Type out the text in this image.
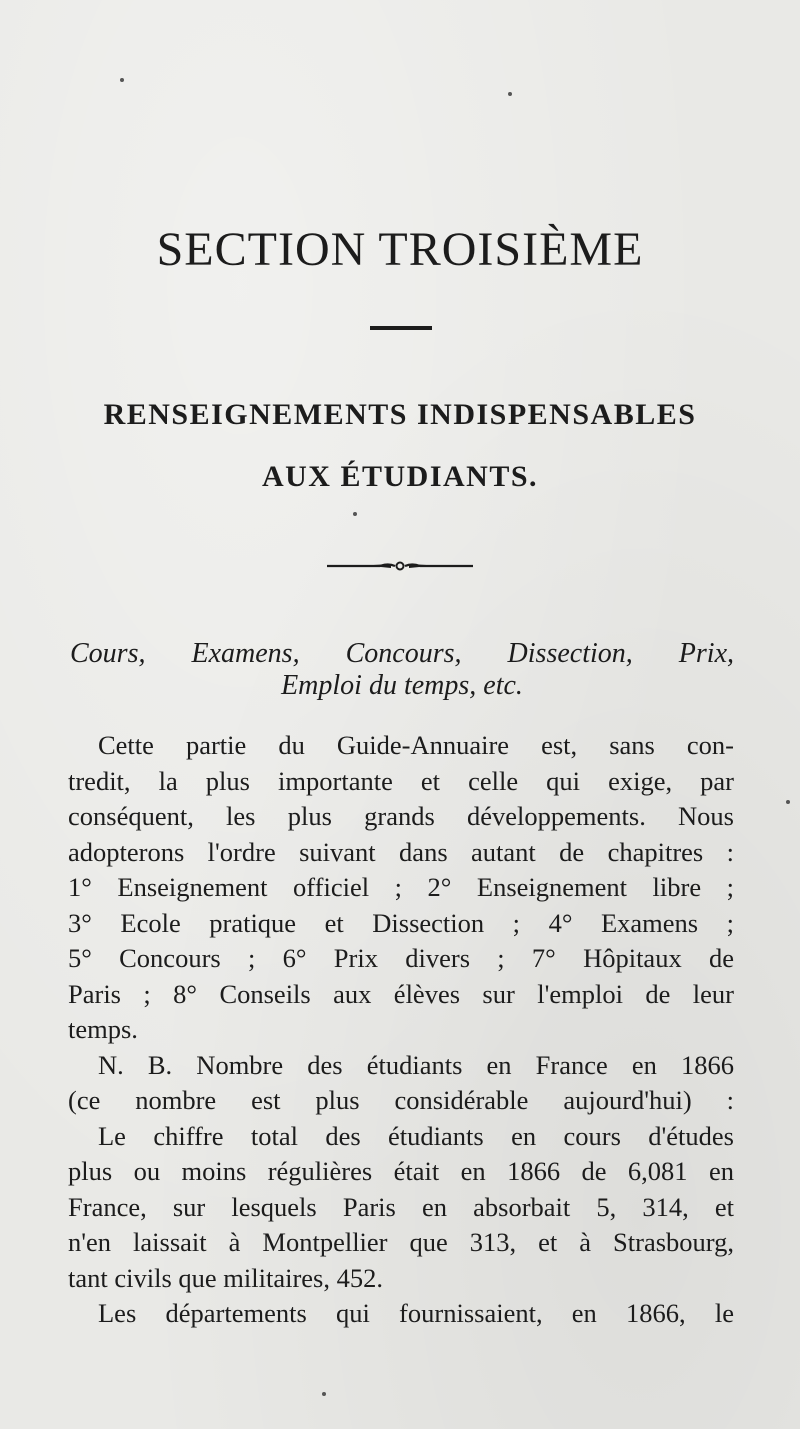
SECTION TROISIÈME
RENSEIGNEMENTS INDISPENSABLES
AUX ÉTUDIANTS.
Cours, Examens, Concours, Dissection, Prix,
Emploi du temps, etc.
Cette partie du Guide-Annuaire est, sans con-
tredit, la plus importante et celle qui exige, par
conséquent, les plus grands développements. Nous
adopterons l'ordre suivant dans autant de chapitres :
1° Enseignement officiel ; 2° Enseignement libre ;
3° Ecole pratique et Dissection ; 4° Examens ;
5° Concours ; 6° Prix divers ; 7° Hôpitaux de
Paris ; 8° Conseils aux élèves sur l'emploi de leur
temps.
N. B. Nombre des étudiants en France en 1866
(ce nombre est plus considérable aujourd'hui) :
Le chiffre total des étudiants en cours d'études
plus ou moins régulières était en 1866 de 6,081 en
France, sur lesquels Paris en absorbait 5, 314, et
n'en laissait à Montpellier que 313, et à Strasbourg,
tant civils que militaires, 452.
Les départements qui fournissaient, en 1866, le
